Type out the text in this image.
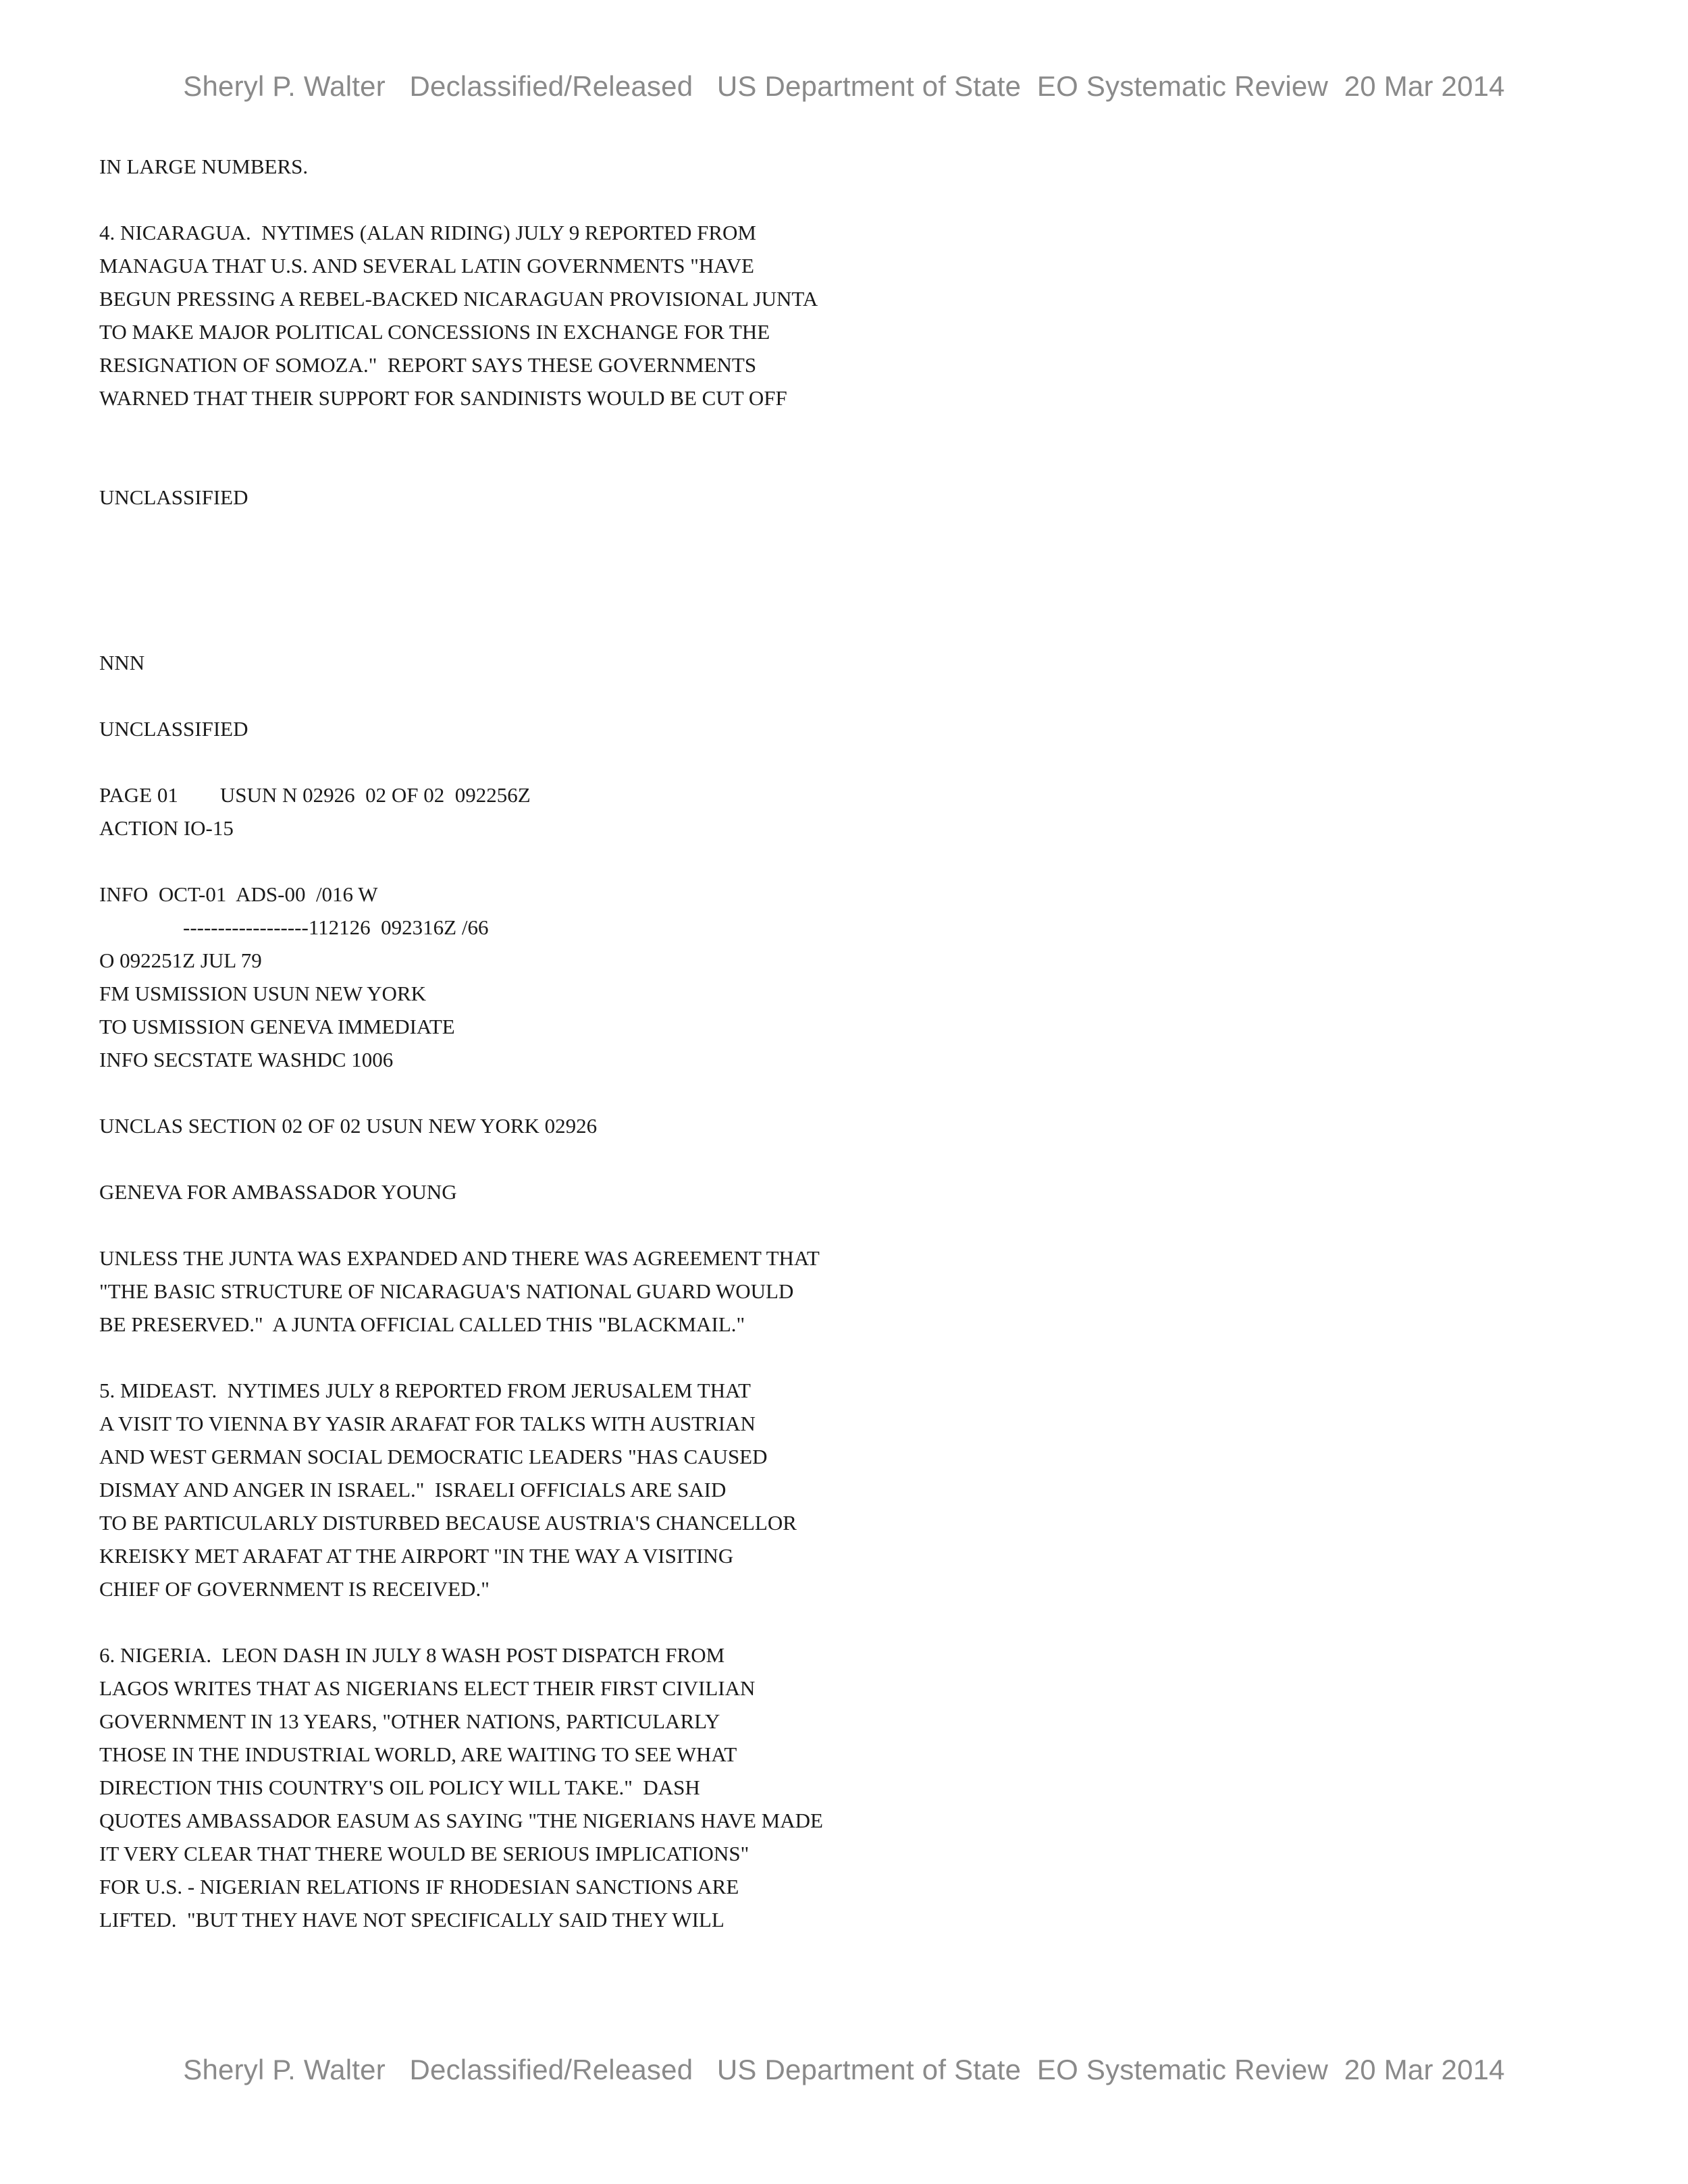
Sheryl P. Walter   Declassified/Released   US Department of State  EO Systematic Review  20 Mar 2014
IN LARGE NUMBERS.
4. NICARAGUA.  NYTIMES (ALAN RIDING) JULY 9 REPORTED FROM
MANAGUA THAT U.S. AND SEVERAL LATIN GOVERNMENTS "HAVE
BEGUN PRESSING A REBEL-BACKED NICARAGUAN PROVISIONAL JUNTA
TO MAKE MAJOR POLITICAL CONCESSIONS IN EXCHANGE FOR THE
RESIGNATION OF SOMOZA."  REPORT SAYS THESE GOVERNMENTS
WARNED THAT THEIR SUPPORT FOR SANDINISTS WOULD BE CUT OFF
UNCLASSIFIED
NNN
UNCLASSIFIED
PAGE 01        USUN N 02926  02 OF 02  092256Z
ACTION IO-15
INFO  OCT-01  ADS-00  /016 W
------------------112126  092316Z /66
O 092251Z JUL 79
FM USMISSION USUN NEW YORK
TO USMISSION GENEVA IMMEDIATE
INFO SECSTATE WASHDC 1006
UNCLAS SECTION 02 OF 02 USUN NEW YORK 02926
GENEVA FOR AMBASSADOR YOUNG
UNLESS THE JUNTA WAS EXPANDED AND THERE WAS AGREEMENT THAT
"THE BASIC STRUCTURE OF NICARAGUA'S NATIONAL GUARD WOULD
BE PRESERVED."  A JUNTA OFFICIAL CALLED THIS "BLACKMAIL."
5. MIDEAST.  NYTIMES JULY 8 REPORTED FROM JERUSALEM THAT
A VISIT TO VIENNA BY YASIR ARAFAT FOR TALKS WITH AUSTRIAN
AND WEST GERMAN SOCIAL DEMOCRATIC LEADERS "HAS CAUSED
DISMAY AND ANGER IN ISRAEL."  ISRAELI OFFICIALS ARE SAID
TO BE PARTICULARLY DISTURBED BECAUSE AUSTRIA'S CHANCELLOR
KREISKY MET ARAFAT AT THE AIRPORT "IN THE WAY A VISITING
CHIEF OF GOVERNMENT IS RECEIVED."
6. NIGERIA.  LEON DASH IN JULY 8 WASH POST DISPATCH FROM
LAGOS WRITES THAT AS NIGERIANS ELECT THEIR FIRST CIVILIAN
GOVERNMENT IN 13 YEARS, "OTHER NATIONS, PARTICULARLY
THOSE IN THE INDUSTRIAL WORLD, ARE WAITING TO SEE WHAT
DIRECTION THIS COUNTRY'S OIL POLICY WILL TAKE."  DASH
QUOTES AMBASSADOR EASUM AS SAYING "THE NIGERIANS HAVE MADE
IT VERY CLEAR THAT THERE WOULD BE SERIOUS IMPLICATIONS"
FOR U.S. - NIGERIAN RELATIONS IF RHODESIAN SANCTIONS ARE
LIFTED.  "BUT THEY HAVE NOT SPECIFICALLY SAID THEY WILL
Sheryl P. Walter   Declassified/Released   US Department of State  EO Systematic Review  20 Mar 2014
